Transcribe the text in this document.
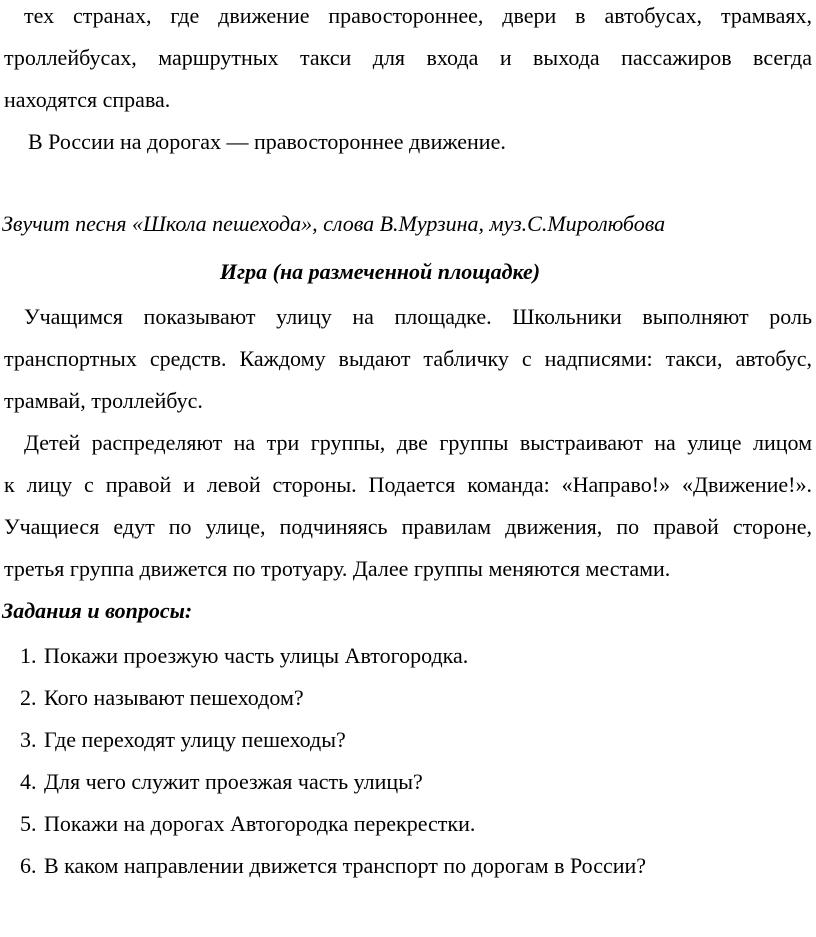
тех странах, где движение правостороннее, двери в автобусах, трамваях,
троллейбусах, маршрутных такси для входа и выхода пассажиров всегда
находятся справа.
В России на дорогах — правостороннее движение.
Звучит песня «Школа пешехода», слова В.Мурзина, муз.С.Миролюбова
Игра (на размеченной площадке)
Учащимся показывают улицу на площадке. Школьники выполняют роль
транспортных средств. Каждому выдают табличку с надписями: такси, автобус,
трамвай, троллейбус.
Детей распределяют на три группы, две группы выстраивают на улице лицом
к лицу с правой и левой стороны. Подается команда: «Направо!» «Движение!».
Учащиеся едут по улице, подчиняясь правилам движения, по правой стороне,
третья группа движется по тротуару. Далее группы меняются местами.
Задания и вопросы:
1. Покажи проезжую часть улицы Автогородка.
2. Кого называют пешеходом?
3. Где переходят улицу пешеходы?
4. Для чего служит проезжая часть улицы?
5. Покажи на дорогах Автогородка перекрестки.
6. В каком направлении движется транспорт по дорогам в России?
